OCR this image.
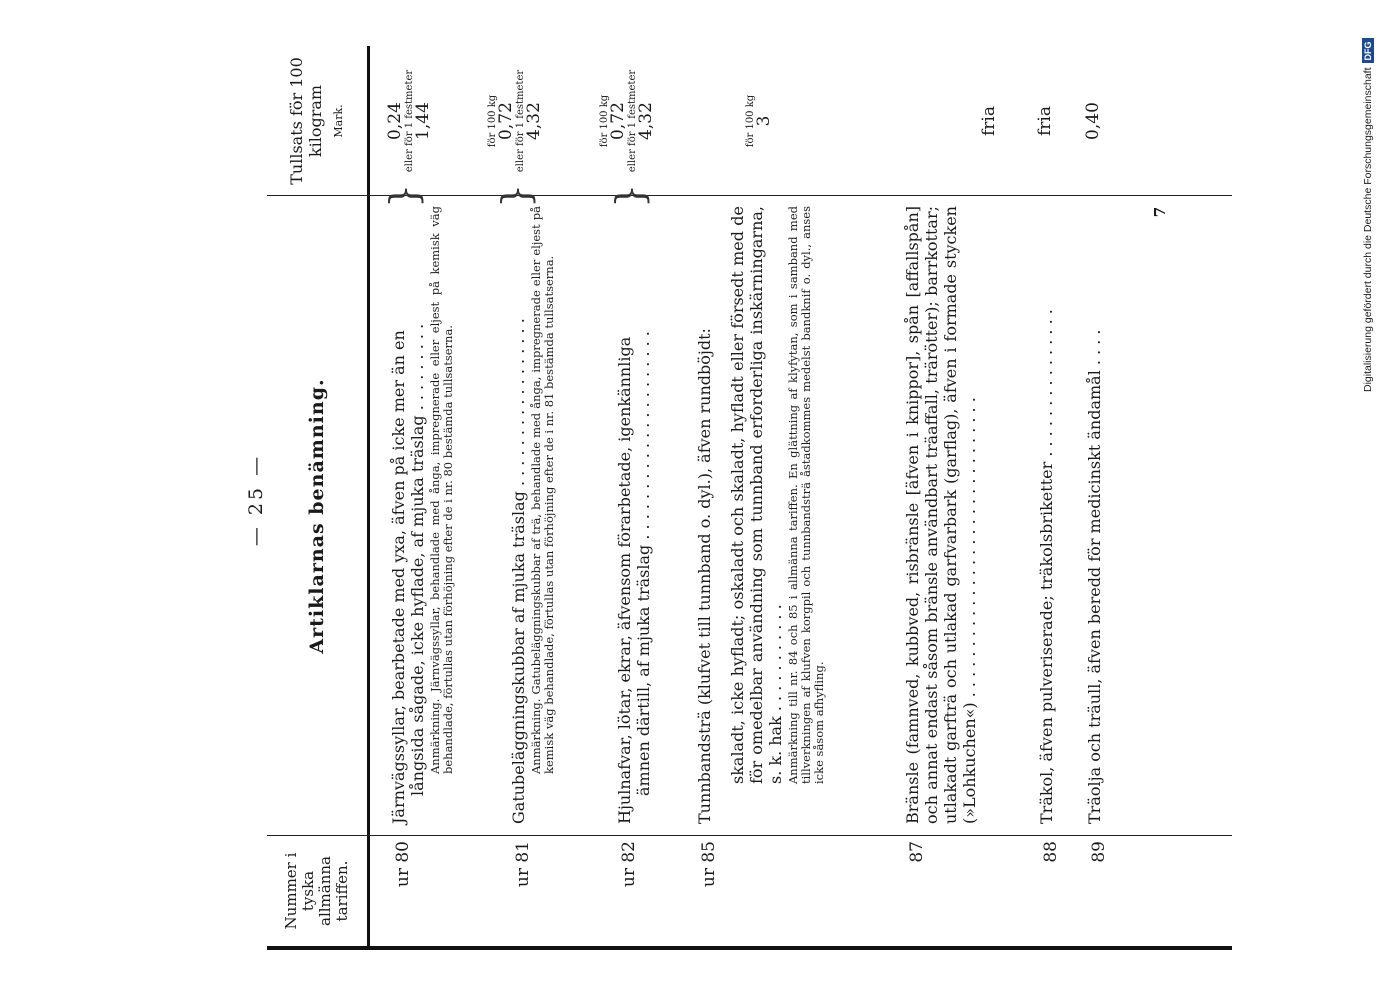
— 25 —
Nummer i tyska allmänna tariffen.
Artiklarnas benämning.
Tullsats för 100 kilogram Mark.
ur 80
Järnvägssyllar, bearbetade med yxa, äfven på icke mer än en långsida sågade, icke hyflade, af mjuka träslag . . . . . . . . . Anmärkning. Järnvägssyllar, behandlade med ånga, impregnerade eller eljest på kemisk väg behandlade, förtullas utan förhöjning efter de i nr. 80 bestämda tullsatserna.
}
0,24 eller för 1 festmeter
1,44
ur 81
Gatubeläggningskubbar af mjuka träslag . . . . . . . . . . . . . . . . . Anmärkning. Gatubeläggningskubbar af trä, behandlade med ånga, impregnerade eller eljest på kemisk väg behandlade, förtullas utan förhöjning efter de i nr. 81 bestämda tullsatserna.
}
för 100 kg
0,72 eller för 1 festmeter
4,32
ur 82
Hjulnafvar, lötar, ekrar, äfvensom förarbetade, igenkännliga ämnen därtill, af mjuka träslag . . . . . . . . . . . . . . . . . . . . .
}
för 100 kg
0,72 eller för 1 festmeter
4,32
ur 85
Tunnbandsträ (klufvet till tunnband o. dyl.), äfven rundböjdt: skaladt, icke hyfladt; oskaladt och skaladt, hyfladt eller försedt med de för omedelbar användning som tunnband erforderliga inskärningarna, s. k. hak . . . . . . . . . . . Anmärkning till nr. 84 och 85 i allmänna tariffen. En glättning af klyfytan, som i samband med tillverkningen af klufven korgpil och tunnbandsträ åstadkommes medelst bandknif o. dyl., anses icke såsom afhyfling.
för 100 kg
3
87
Bränsle (famnved, kubbved, risbränsle [äfven i knippor], spån [affallspån] och annat endast såsom bränsle användbart träaffall, trärötter); barrkottar; utlakadt garfträ och utlakad garfvarbark (garflag), äfven i formade stycken (»Lohkuchen«) . . . . . . . . . . . . . . . . . . . . . . . . . . . . . .
fria
88
Träkol, äfven pulveriserade; träkolsbriketter . . . . . . . . . . . . . . .
fria
89
Träolja och träull, äfven beredd för medicinskt ändamål . . . .
0,40
7	Digitalisierung gefördert durch die Deutsche Forschungsgemeinschaft
DFG
